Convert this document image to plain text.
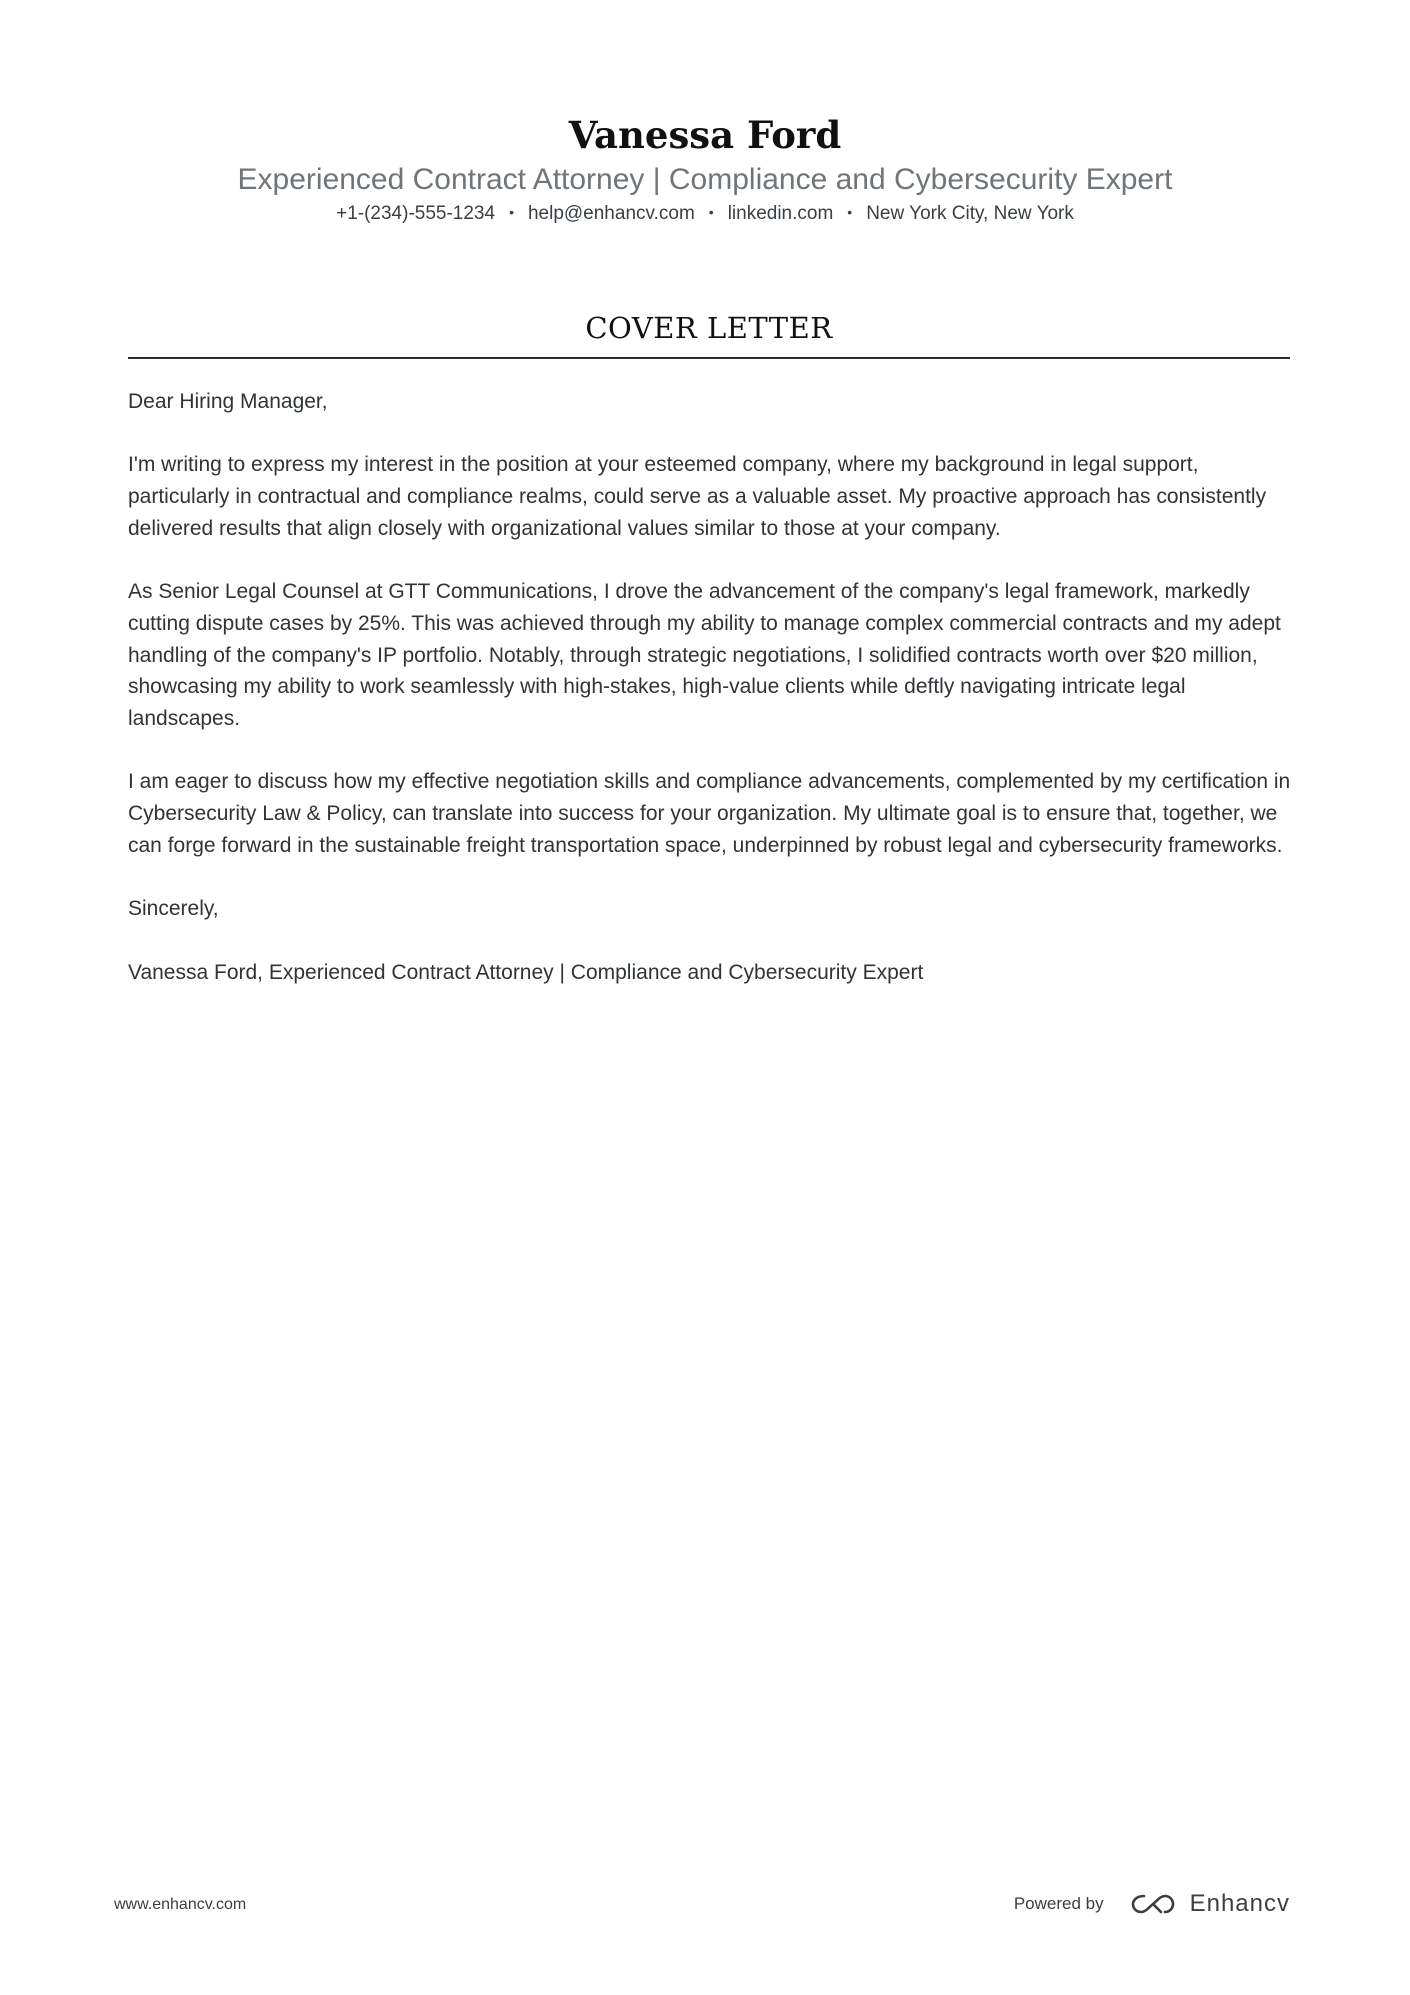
Vanessa Ford
Experienced Contract Attorney | Compliance and Cybersecurity Expert
+1-(234)-555-1234 • help@enhancv.com • linkedin.com • New York City, New York
COVER LETTER

Dear Hiring Manager,

I'm writing to express my interest in the position at your esteemed company, where my background in legal support, particularly in contractual and compliance realms, could serve as a valuable asset. My proactive approach has consistently delivered results that align closely with organizational values similar to those at your company.

As Senior Legal Counsel at GTT Communications, I drove the advancement of the company's legal framework, markedly cutting dispute cases by 25%. This was achieved through my ability to manage complex commercial contracts and my adept handling of the company's IP portfolio. Notably, through strategic negotiations, I solidified contracts worth over $20 million, showcasing my ability to work seamlessly with high-stakes, high-value clients while deftly navigating intricate legal landscapes.

I am eager to discuss how my effective negotiation skills and compliance advancements, complemented by my certification in Cybersecurity Law & Policy, can translate into success for your organization. My ultimate goal is to ensure that, together, we can forge forward in the sustainable freight transportation space, underpinned by robust legal and cybersecurity frameworks.

Sincerely,

Vanessa Ford, Experienced Contract Attorney | Compliance and Cybersecurity Expert

www.enhancv.com	Powered by	Enhancv
